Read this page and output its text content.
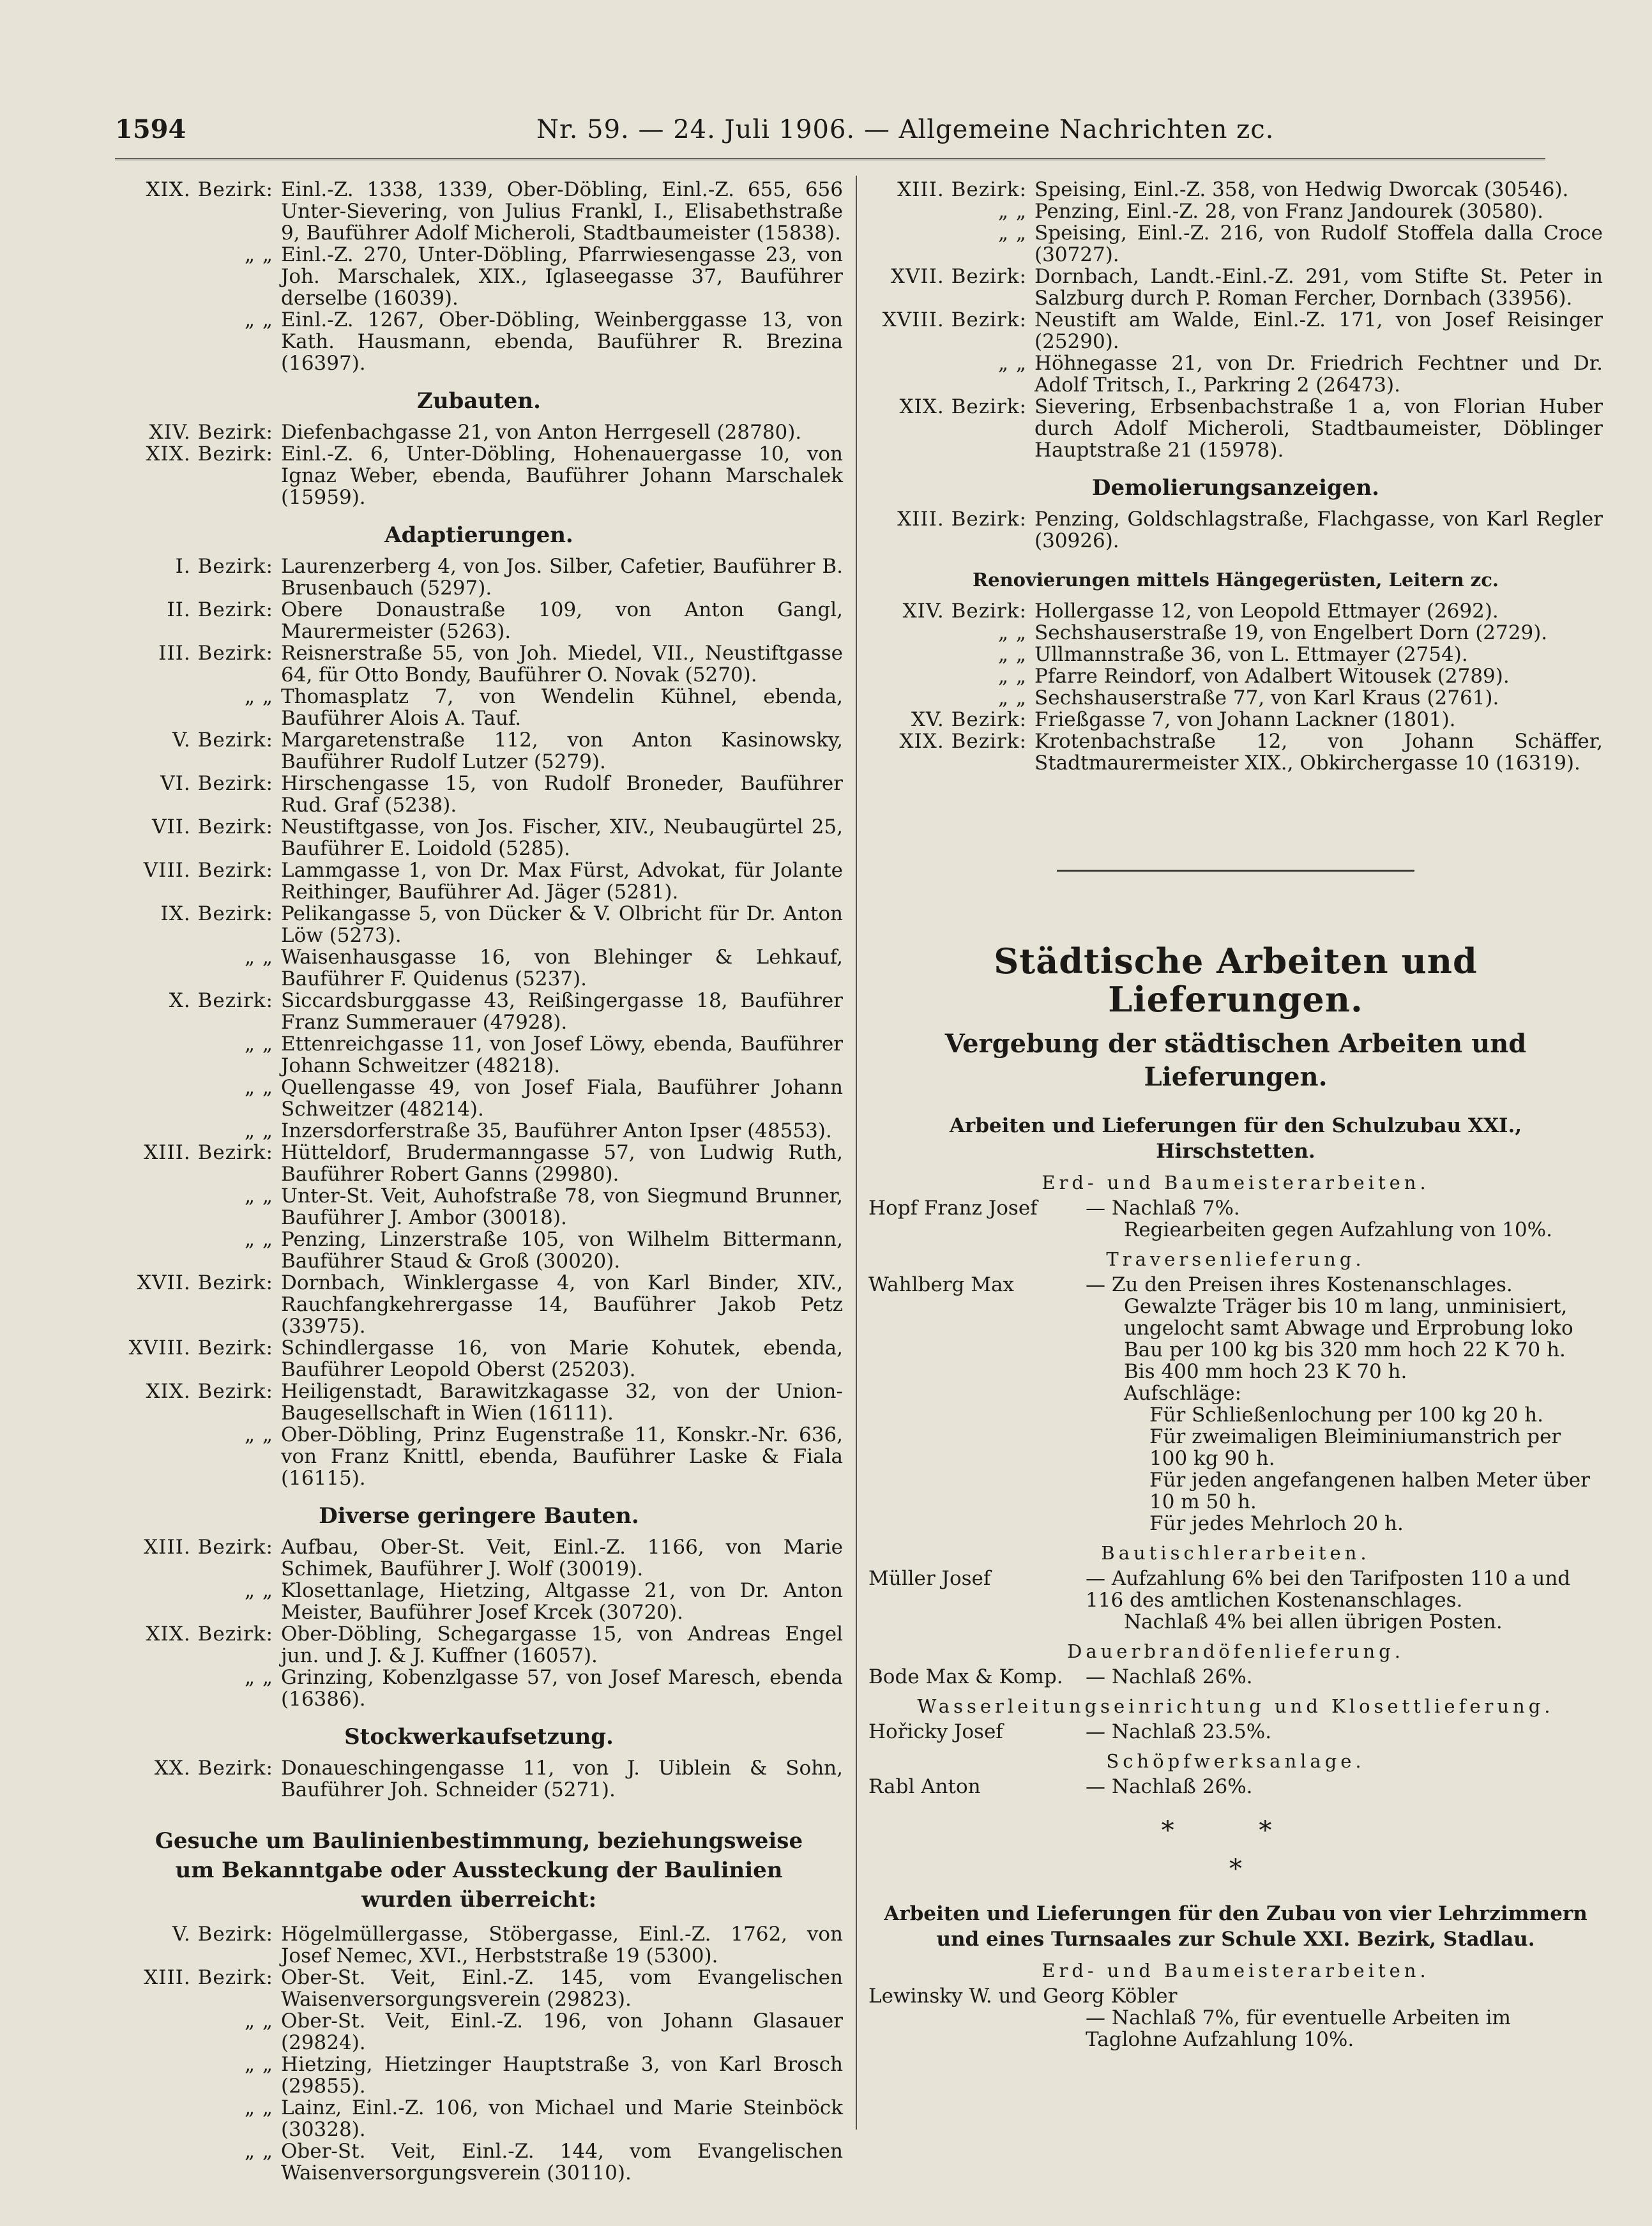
1594	Nr. 59. — 24. Juli 1906. — Allgemeine Nachrichten zc.
XIX. Bezirk: Einl.-Z. 1338, 1339, Ober-Döbling, Einl.-Z. 655, 656 Unter-Sievering, von Julius Frankl, I., Elisabethstraße 9, Bauführer Adolf Micheroli, Stadtbaumeister (15838).
„ „ Einl.-Z. 270, Unter-Döbling, Pfarrwiesengasse 23, von Joh. Marschalek, XIX., Iglaseegasse 37, Bauführer derselbe (16039).
„ „ Einl.-Z. 1267, Ober-Döbling, Weinberggasse 13, von Kath. Hausmann, ebenda, Bauführer R. Brezina (16397).
Zubauten.
XIV. Bezirk: Diefenbachgasse 21, von Anton Herrgesell (28780).
XIX. Bezirk: Einl.-Z. 6, Unter-Döbling, Hohenauergasse 10, von Ignaz Weber, ebenda, Bauführer Johann Marschalek (15959).
Adaptierungen.
I. Bezirk: Laurenzerberg 4, von Jos. Silber, Cafetier, Bauführer B. Brusenbauch (5297).
II. Bezirk: Obere Donaustraße 109, von Anton Gangl, Maurermeister (5263).
III. Bezirk: Reisnerstraße 55, von Joh. Miedel, VII., Neustiftgasse 64, für Otto Bondy, Bauführer O. Novak (5270).
„ „ Thomasplatz 7, von Wendelin Kühnel, ebenda, Bauführer Alois A. Tauf.
V. Bezirk: Margaretenstraße 112, von Anton Kasinowsky, Bauführer Rudolf Lutzer (5279).
VI. Bezirk: Hirschengasse 15, von Rudolf Broneder, Bauführer Rud. Graf (5238).
VII. Bezirk: Neustiftgasse, von Jos. Fischer, XIV., Neubaugürtel 25, Bauführer E. Loidold (5285).
VIII. Bezirk: Lammgasse 1, von Dr. Max Fürst, Advokat, für Jolante Reithinger, Bauführer Ad. Jäger (5281).
IX. Bezirk: Pelikangasse 5, von Dücker & V. Olbricht für Dr. Anton Löw (5273).
„ „ Waisenhausgasse 16, von Blehinger & Lehkauf, Bauführer F. Quidenus (5237).
X. Bezirk: Siccardsburggasse 43, Reißingergasse 18, Bauführer Franz Summerauer (47928).
„ „ Ettenreichgasse 11, von Josef Löwy, ebenda, Bauführer Johann Schweitzer (48218).
„ „ Quellengasse 49, von Josef Fiala, Bauführer Johann Schweitzer (48214).
„ „ Inzersdorferstraße 35, Bauführer Anton Ipser (48553).
XIII. Bezirk: Hütteldorf, Brudermanngasse 57, von Ludwig Ruth, Bauführer Robert Ganns (29980).
„ „ Unter-St. Veit, Auhofstraße 78, von Siegmund Brunner, Bauführer J. Ambor (30018).
„ „ Penzing, Linzerstraße 105, von Wilhelm Bittermann, Bauführer Staud & Groß (30020).
XVII. Bezirk: Dornbach, Winklergasse 4, von Karl Binder, XIV., Rauchfangkehrergasse 14, Bauführer Jakob Petz (33975).
XVIII. Bezirk: Schindlergasse 16, von Marie Kohutek, ebenda, Bauführer Leopold Oberst (25203).
XIX. Bezirk: Heiligenstadt, Barawitzkagasse 32, von der Union-Baugesellschaft in Wien (16111).
„ „ Ober-Döbling, Prinz Eugenstraße 11, Konskr.-Nr. 636, von Franz Knittl, ebenda, Bauführer Laske & Fiala (16115).
Diverse geringere Bauten.
XIII. Bezirk: Aufbau, Ober-St. Veit, Einl.-Z. 1166, von Marie Schimek, Bauführer J. Wolf (30019).
„ „ Klosettanlage, Hietzing, Altgasse 21, von Dr. Anton Meister, Bauführer Josef Krcek (30720).
XIX. Bezirk: Ober-Döbling, Schegargasse 15, von Andreas Engel jun. und J. & J. Kuffner (16057).
„ „ Grinzing, Kobenzlgasse 57, von Josef Maresch, ebenda (16386).
Stockwerkaufsetzung.
XX. Bezirk: Donaueschingengasse 11, von J. Uiblein & Sohn, Bauführer Joh. Schneider (5271).
Gesuche um Baulinienbestimmung, beziehungsweise um Bekanntgabe oder Aussteckung der Baulinien wurden überreicht:
V. Bezirk: Högelmüllergasse, Stöbergasse, Einl.-Z. 1762, von Josef Nemec, XVI., Herbststraße 19 (5300).
XIII. Bezirk: Ober-St. Veit, Einl.-Z. 145, vom Evangelischen Waisenversorgungsverein (29823).
„ „ Ober-St. Veit, Einl.-Z. 196, von Johann Glasauer (29824).
„ „ Hietzing, Hietzinger Hauptstraße 3, von Karl Brosch (29855).
„ „ Lainz, Einl.-Z. 106, von Michael und Marie Steinböck (30328).
„ „ Ober-St. Veit, Einl.-Z. 144, vom Evangelischen Waisenversorgungsverein (30110).
XIII. Bezirk: Speising, Einl.-Z. 358, von Hedwig Dworcak (30546).
„ „ Penzing, Einl.-Z. 28, von Franz Jandourek (30580).
„ „ Speising, Einl.-Z. 216, von Rudolf Stoffela dalla Croce (30727).
XVII. Bezirk: Dornbach, Landt.-Einl.-Z. 291, vom Stifte St. Peter in Salzburg durch P. Roman Fercher, Dornbach (33956).
XVIII. Bezirk: Neustift am Walde, Einl.-Z. 171, von Josef Reisinger (25290).
„ „ Höhnegasse 21, von Dr. Friedrich Fechtner und Dr. Adolf Tritsch, I., Parkring 2 (26473).
XIX. Bezirk: Sievering, Erbsenbachstraße 1 a, von Florian Huber durch Adolf Micheroli, Stadtbaumeister, Döblinger Hauptstraße 21 (15978).
Demolierungsanzeigen.
XIII. Bezirk: Penzing, Goldschlagstraße, Flachgasse, von Karl Regler (30926).
Renovierungen mittels Hängegerüsten, Leitern zc.
XIV. Bezirk: Hollergasse 12, von Leopold Ettmayer (2692).
„ „ Sechshauserstraße 19, von Engelbert Dorn (2729).
„ „ Ullmannstraße 36, von L. Ettmayer (2754).
„ „ Pfarre Reindorf, von Adalbert Witousek (2789).
„ „ Sechshauserstraße 77, von Karl Kraus (2761).
XV. Bezirk: Frießgasse 7, von Johann Lackner (1801).
XIX. Bezirk: Krotenbachstraße 12, von Johann Schäffer, Stadtmaurermeister XIX., Obkirchergasse 10 (16319).
Städtische Arbeiten und Lieferungen.
Vergebung der städtischen Arbeiten und Lieferungen.
Arbeiten und Lieferungen für den Schulzubau XXI., Hirschstetten.
Erd- und Baumeisterarbeiten.
Hopf Franz Josef	— Nachlaß 7%.
Regiearbeiten gegen Aufzahlung von 10%.
Traversenlieferung.
Wahlberg Max	— Zu den Preisen ihres Kostenanschlages.
Gewalzte Träger bis 10 m lang, unminisiert, ungelocht samt Abwage und Erprobung loko Bau per 100 kg bis 320 mm hoch 22 K 70 h.
Bis 400 mm hoch 23 K 70 h.
Aufschläge:
Für Schließenlochung per 100 kg 20 h.
Für zweimaligen Bleiminiumanstrich per 100 kg 90 h.
Für jeden angefangenen halben Meter über 10 m 50 h.
Für jedes Mehrloch 20 h.
Bautischlerarbeiten.
Müller Josef	— Aufzahlung 6% bei den Tarifposten 110 a und 116 des amtlichen Kostenanschlages.
Nachlaß 4% bei allen übrigen Posten.
Dauerbrandöfenlieferung.
Bode Max & Komp.	— Nachlaß 26%.
Wasserleitungseinrichtung und Klosettlieferung.
Hořicky Josef	— Nachlaß 23.5%.
Schöpfwerksanlage.
Rabl Anton	— Nachlaß 26%.
* *
*
Arbeiten und Lieferungen für den Zubau von vier Lehrzimmern und eines Turnsaales zur Schule XXI. Bezirk, Stadlau.
Erd- und Baumeisterarbeiten.
Lewinsky W. und Georg Köbler
— Nachlaß 7%, für eventuelle Arbeiten im Taglohne Aufzahlung 10%.
